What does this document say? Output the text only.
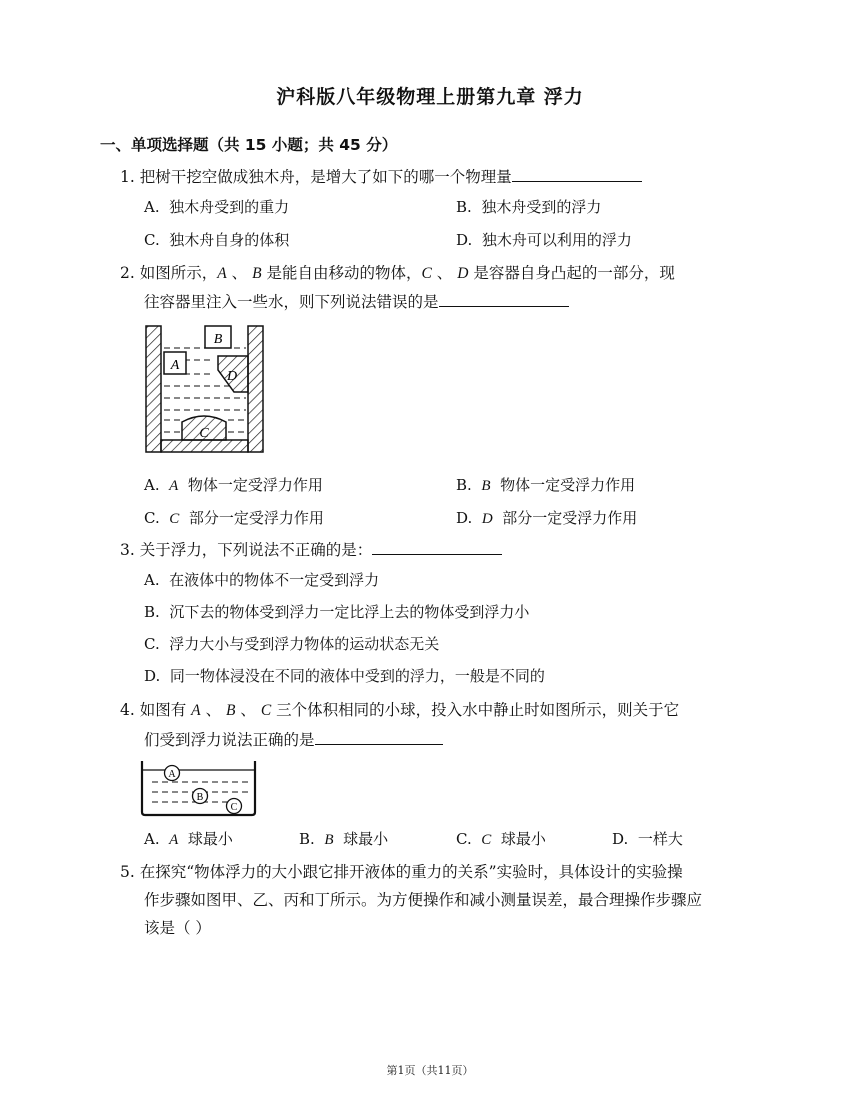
沪科版八年级物理上册第九章 浮力
一、单项选择题（共 15 小题；共 45 分）
1. 把树干挖空做成独木舟，是增大了如下的哪一个物理量
A. 独木舟受到的重力	B. 独木舟受到的浮力
C. 独木舟自身的体积	D. 独木舟可以利用的浮力
2. 如图所示，A 、 B 是能自由移动的物体，C 、 D 是容器自身凸起的一部分，现
往容器里注入一些水，则下列说法错误的是
B
A
D
C
A. A 物体一定受浮力作用	B. B 物体一定受浮力作用
C. C 部分一定受浮力作用	D. D 部分一定受浮力作用
3. 关于浮力，下列说法不正确的是：
A. 在液体中的物体不一定受到浮力
B. 沉下去的物体受到浮力一定比浮上去的物体受到浮力小
C. 浮力大小与受到浮力物体的运动状态无关
D. 同一物体浸没在不同的液体中受到的浮力，一般是不同的
4. 如图有 A 、 B 、 C 三个体积相同的小球，投入水中静止时如图所示，则关于它
们受到浮力说法正确的是
A
B
C
A. A 球最小	B. B 球最小	C. C 球最小	D. 一样大
5. 在探究“物体浮力的大小跟它排开液体的重力的关系”实验时，具体设计的实验操
作步骤如图甲、乙、丙和丁所示。为方便操作和减小测量误差，最合理操作步骤应
该是（ ）
第1页（共11页）
